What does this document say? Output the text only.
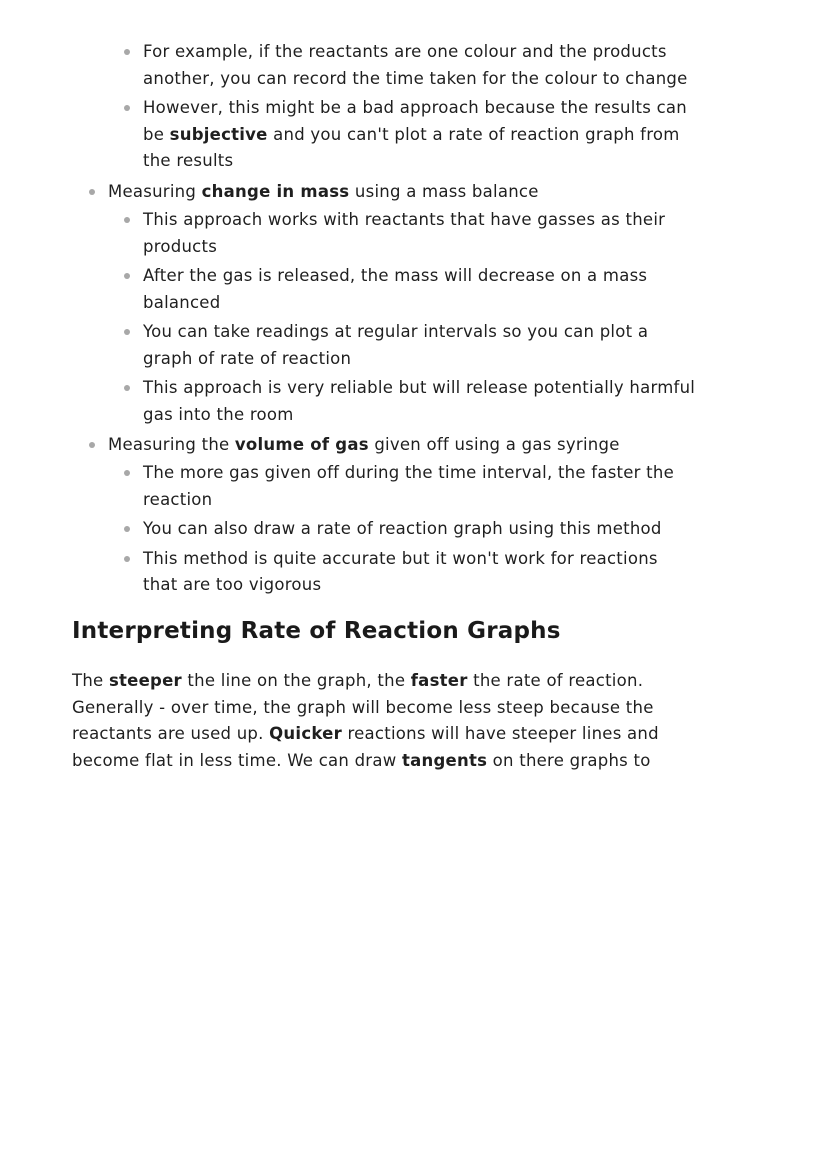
For example, if the reactants are one colour and the products
another, you can record the time taken for the colour to change
However, this might be a bad approach because the results can
be subjective and you can't plot a rate of reaction graph from
the results
Measuring change in mass using a mass balance
This approach works with reactants that have gasses as their
products
After the gas is released, the mass will decrease on a mass
balanced
You can take readings at regular intervals so you can plot a
graph of rate of reaction
This approach is very reliable but will release potentially harmful
gas into the room
Measuring the volume of gas given off using a gas syringe
The more gas given off during the time interval, the faster the
reaction
You can also draw a rate of reaction graph using this method
This method is quite accurate but it won't work for reactions
that are too vigorous
Interpreting Rate of Reaction Graphs
The steeper the line on the graph, the faster the rate of reaction.
Generally - over time, the graph will become less steep because the
reactants are used up. Quicker reactions will have steeper lines and
become flat in less time. We can draw tangents on there graphs to
